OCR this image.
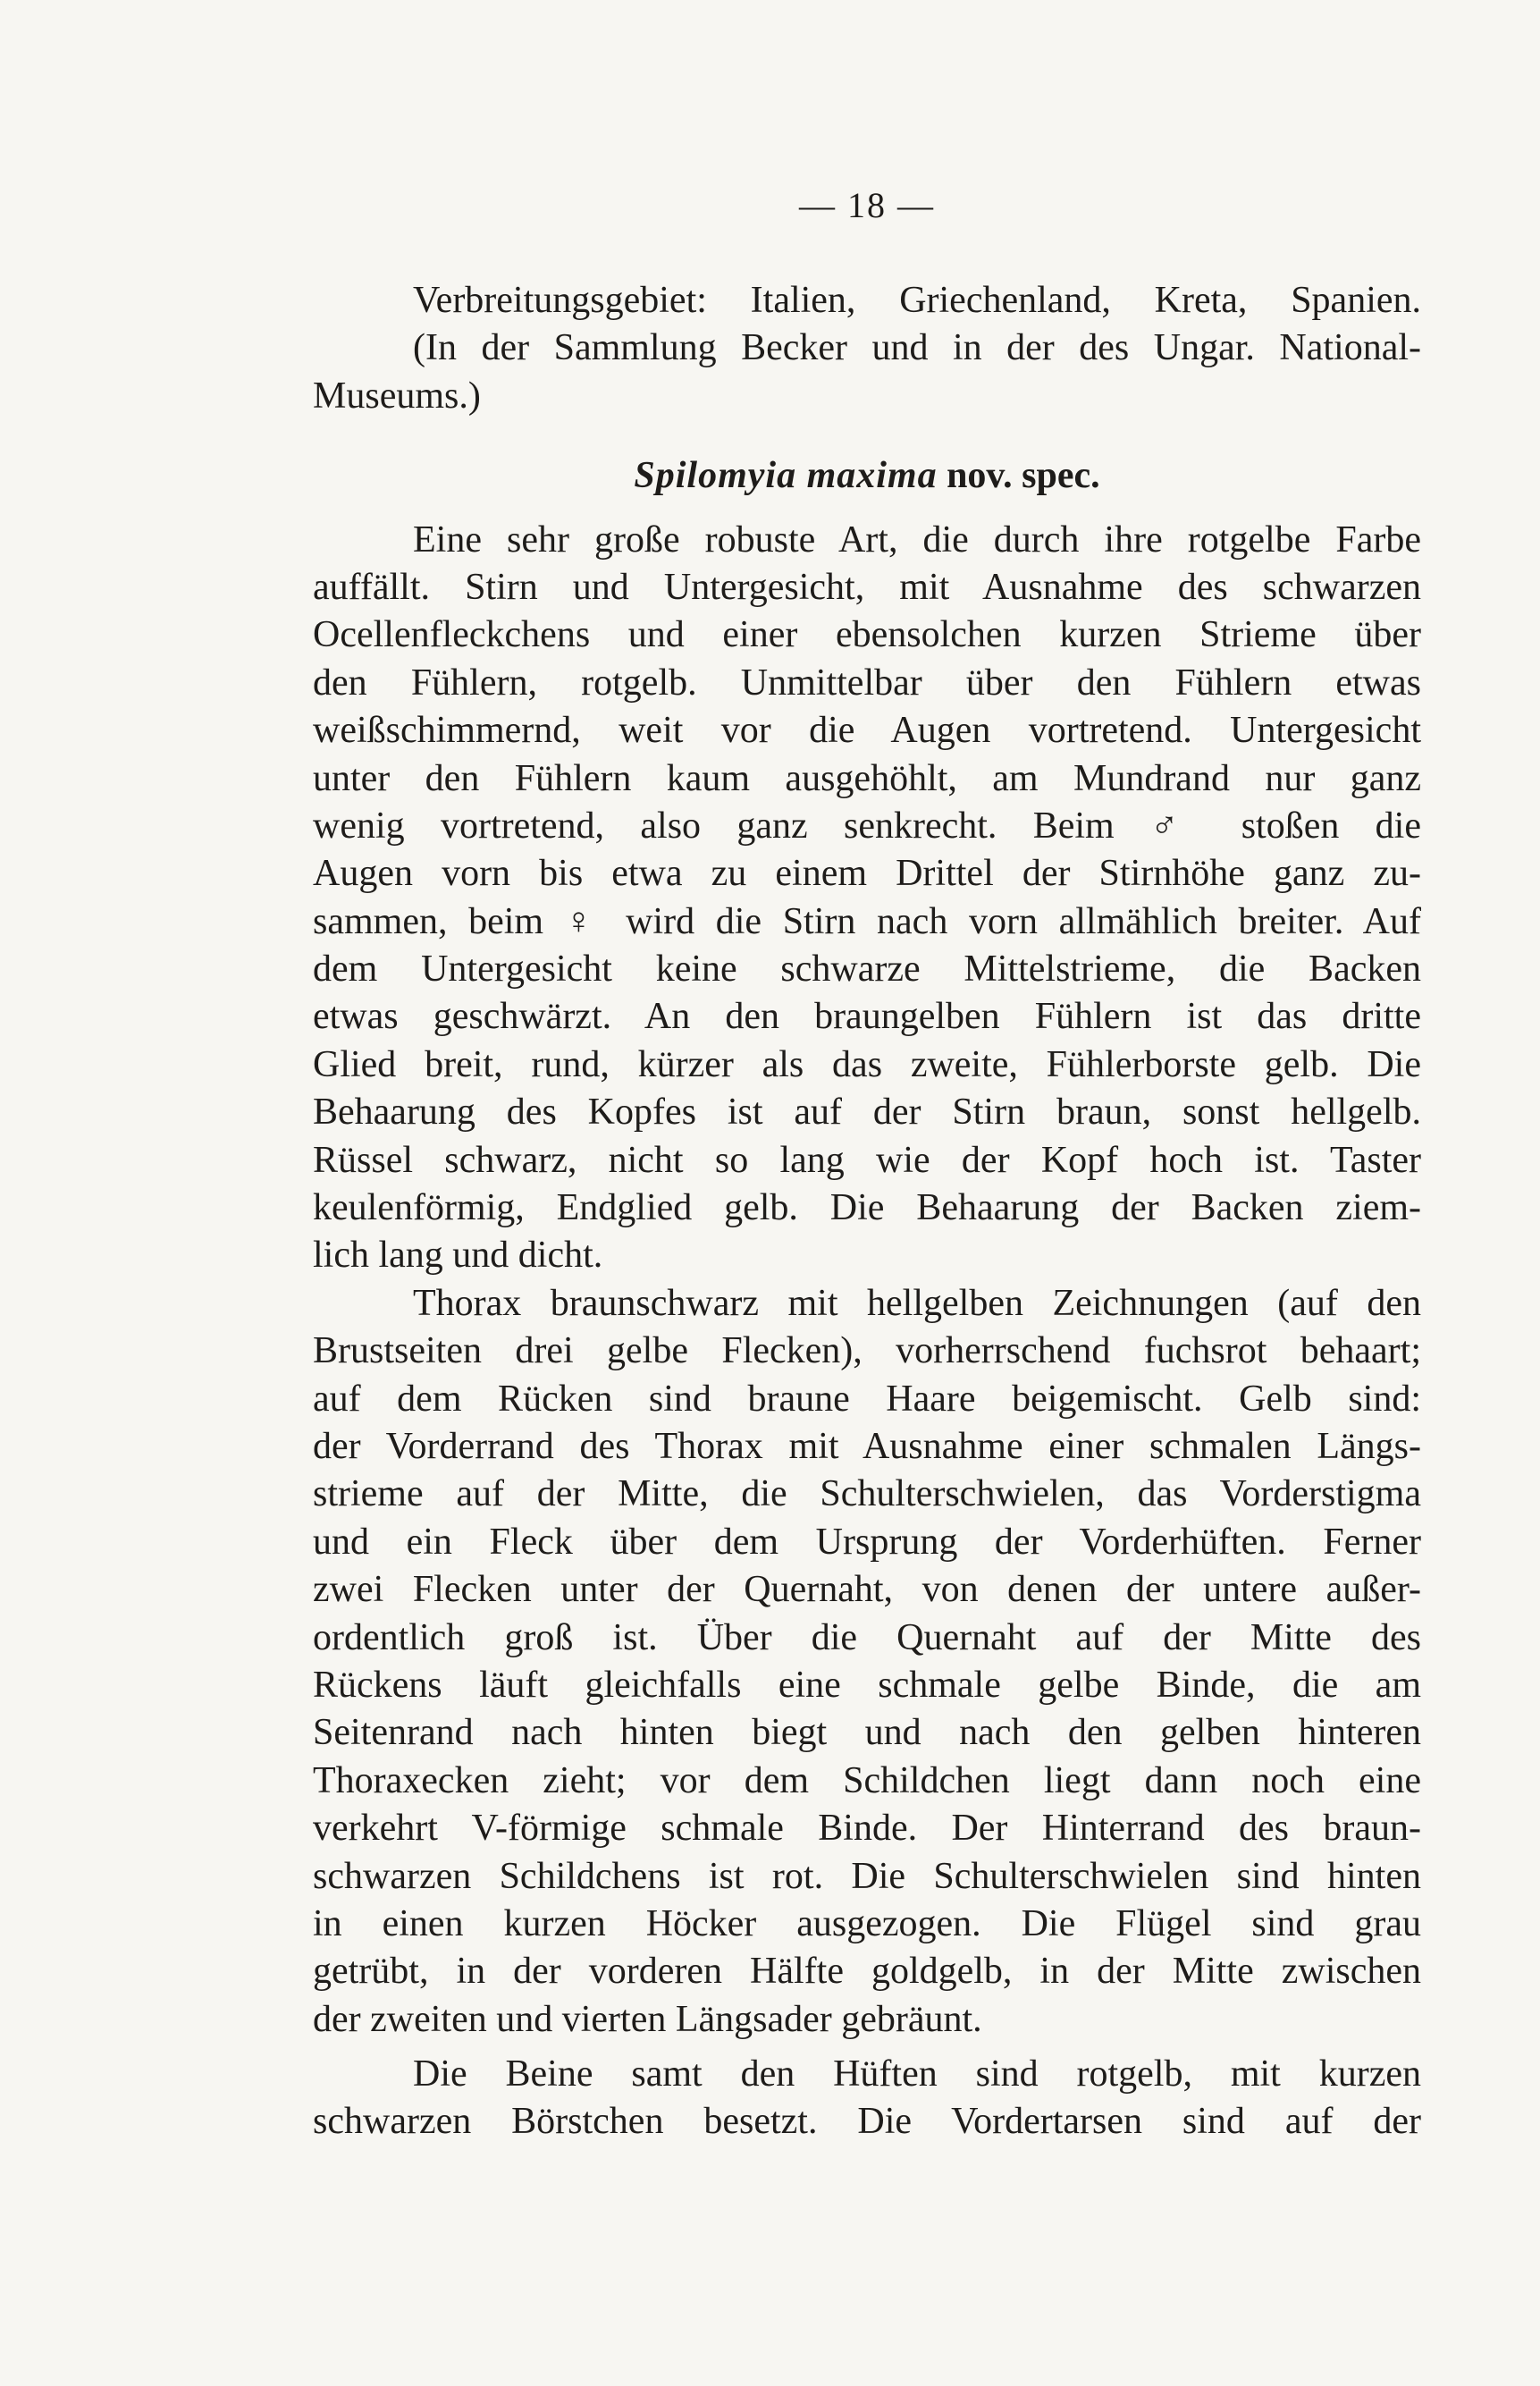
— 18 —
Verbreitungsgebiet: Italien, Griechenland, Kreta, Spanien.
(In der Sammlung Becker und in der des Ungar. National-
Museums.)
Spilomyia maxima nov. spec.
Eine sehr große robuste Art, die durch ihre rotgelbe Farbe
auffällt. Stirn und Untergesicht, mit Ausnahme des schwarzen
Ocellenfleckchens und einer ebensolchen kurzen Strieme über
den Fühlern, rotgelb. Unmittelbar über den Fühlern etwas
weißschimmernd, weit vor die Augen vortretend. Untergesicht
unter den Fühlern kaum ausgehöhlt, am Mundrand nur ganz
wenig vortretend, also ganz senkrecht. Beim ♂ stoßen die
Augen vorn bis etwa zu einem Drittel der Stirnhöhe ganz zu-
sammen, beim ♀ wird die Stirn nach vorn allmählich breiter. Auf
dem Untergesicht keine schwarze Mittelstrieme, die Backen
etwas geschwärzt. An den braungelben Fühlern ist das dritte
Glied breit, rund, kürzer als das zweite, Fühlerborste gelb. Die
Behaarung des Kopfes ist auf der Stirn braun, sonst hellgelb.
Rüssel schwarz, nicht so lang wie der Kopf hoch ist. Taster
keulenförmig, Endglied gelb. Die Behaarung der Backen ziem-
lich lang und dicht.
Thorax braunschwarz mit hellgelben Zeichnungen (auf den
Brustseiten drei gelbe Flecken), vorherrschend fuchsrot behaart;
auf dem Rücken sind braune Haare beigemischt. Gelb sind:
der Vorderrand des Thorax mit Ausnahme einer schmalen Längs-
strieme auf der Mitte, die Schulterschwielen, das Vorderstigma
und ein Fleck über dem Ursprung der Vorderhüften. Ferner
zwei Flecken unter der Quernaht, von denen der untere außer-
ordentlich groß ist. Über die Quernaht auf der Mitte des
Rückens läuft gleichfalls eine schmale gelbe Binde, die am
Seitenrand nach hinten biegt und nach den gelben hinteren
Thoraxecken zieht; vor dem Schildchen liegt dann noch eine
verkehrt V-förmige schmale Binde. Der Hinterrand des braun-
schwarzen Schildchens ist rot. Die Schulterschwielen sind hinten
in einen kurzen Höcker ausgezogen. Die Flügel sind grau
getrübt, in der vorderen Hälfte goldgelb, in der Mitte zwischen
der zweiten und vierten Längsader gebräunt.
Die Beine samt den Hüften sind rotgelb, mit kurzen
schwarzen Börstchen besetzt. Die Vordertarsen sind auf der
